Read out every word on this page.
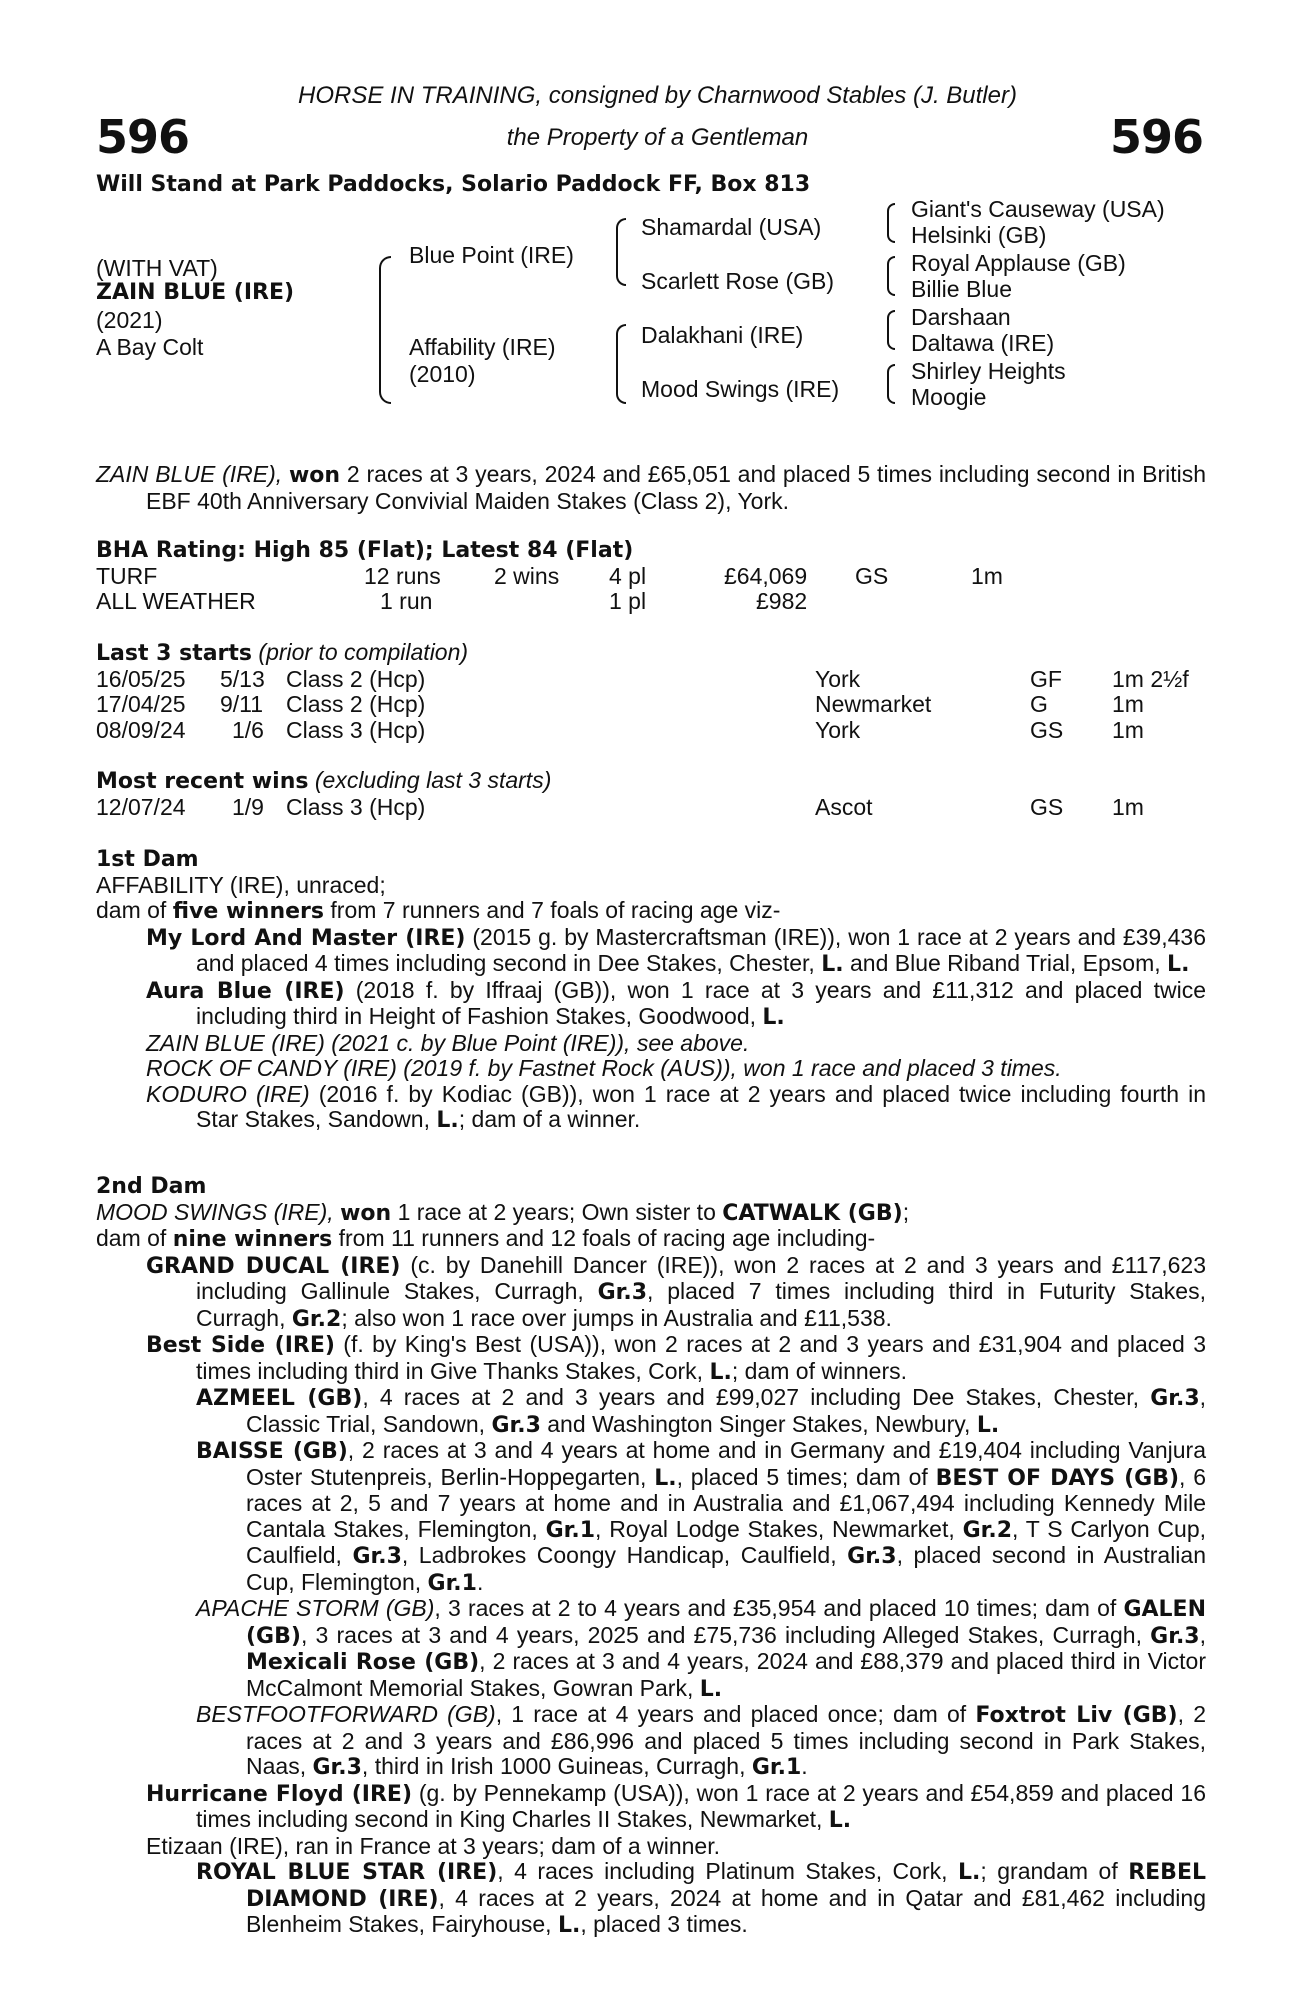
HORSE IN TRAINING, consigned by Charnwood Stables (J. Butler)
the Property of a Gentleman
596	596
Will Stand at Park Paddocks, Solario Paddock FF, Box 813
(WITH VAT)
ZAIN BLUE (IRE)
(2021)
A Bay Colt
Blue Point (IRE)
Affability (IRE)
(2010)
Shamardal (USA)
Scarlett Rose (GB)
Dalakhani (IRE)
Mood Swings (IRE)
Giant's Causeway (USA)
Helsinki (GB)
Royal Applause (GB)
Billie Blue
Darshaan
Daltawa (IRE)
Shirley Heights
Moogie

ZAIN BLUE (IRE), won 2 races at 3 years, 2024 and £65,051 and placed 5 times including second in British EBF 40th Anniversary Convivial Maiden Stakes (Class 2), York.

BHA Rating: High 85 (Flat); Latest 84 (Flat)
TURF	12 runs 2 wins 4 pl	£64,069 GS	1m
ALL WEATHER	1 run	1 pl	£982
Last 3 starts (prior to compilation)
16/05/25 5/13 Class 2 (Hcp)	York	GF 1m 2½f
17/04/25 9/11 Class 2 (Hcp)	Newmarket	G	1m
08/09/24 1/6 Class 3 (Hcp)	York	GS 1m
Most recent wins (excluding last 3 starts)
12/07/24 1/9 Class 3 (Hcp)	Ascot	GS 1m
1st Dam
AFFABILITY (IRE), unraced;
dam of five winners from 7 runners and 7 foals of racing age viz-

My Lord And Master (IRE) (2015 g. by Mastercraftsman (IRE)), won 1 race at 2 years and £39,436 and placed 4 times including second in Dee Stakes, Chester, L. and Blue Riband Trial, Epsom, L.

Aura Blue (IRE) (2018 f. by Iffraaj (GB)), won 1 race at 3 years and £11,312 and placed twice including third in Height of Fashion Stakes, Goodwood, L.

ZAIN BLUE (IRE) (2021 c. by Blue Point (IRE)), see above.

ROCK OF CANDY (IRE) (2019 f. by Fastnet Rock (AUS)), won 1 race and placed 3 times.

KODURO (IRE) (2016 f. by Kodiac (GB)), won 1 race at 2 years and placed twice including fourth in Star Stakes, Sandown, L.; dam of a winner.

2nd Dam
MOOD SWINGS (IRE), won 1 race at 2 years; Own sister to CATWALK (GB);
dam of nine winners from 11 runners and 12 foals of racing age including-

GRAND DUCAL (IRE) (c. by Danehill Dancer (IRE)), won 2 races at 2 and 3 years and £117,623 including Gallinule Stakes, Curragh, Gr.3, placed 7 times including third in Futurity Stakes, Curragh, Gr.2; also won 1 race over jumps in Australia and £11,538.

Best Side (IRE) (f. by King's Best (USA)), won 2 races at 2 and 3 years and £31,904 and placed 3 times including third in Give Thanks Stakes, Cork, L.; dam of winners.

AZMEEL (GB), 4 races at 2 and 3 years and £99,027 including Dee Stakes, Chester, Gr.3, Classic Trial, Sandown, Gr.3 and Washington Singer Stakes, Newbury, L.

BAISSE (GB), 2 races at 3 and 4 years at home and in Germany and £19,404 including Vanjura Oster Stutenpreis, Berlin-Hoppegarten, L., placed 5 times; dam of BEST OF DAYS (GB), 6 races at 2, 5 and 7 years at home and in Australia and £1,067,494 including Kennedy Mile Cantala Stakes, Flemington, Gr.1, Royal Lodge Stakes, Newmarket, Gr.2, T S Carlyon Cup, Caulfield, Gr.3, Ladbrokes Coongy Handicap, Caulfield, Gr.3, placed second in Australian Cup, Flemington, Gr.1.

APACHE STORM (GB), 3 races at 2 to 4 years and £35,954 and placed 10 times; dam of GALEN (GB), 3 races at 3 and 4 years, 2025 and £75,736 including Alleged Stakes, Curragh, Gr.3, Mexicali Rose (GB), 2 races at 3 and 4 years, 2024 and £88,379 and placed third in Victor McCalmont Memorial Stakes, Gowran Park, L.

BESTFOOTFORWARD (GB), 1 race at 4 years and placed once; dam of Foxtrot Liv (GB), 2 races at 2 and 3 years and £86,996 and placed 5 times including second in Park Stakes, Naas, Gr.3, third in Irish 1000 Guineas, Curragh, Gr.1.

Hurricane Floyd (IRE) (g. by Pennekamp (USA)), won 1 race at 2 years and £54,859 and placed 16 times including second in King Charles II Stakes, Newmarket, L.

Etizaan (IRE), ran in France at 3 years; dam of a winner.

ROYAL BLUE STAR (IRE), 4 races including Platinum Stakes, Cork, L.; grandam of REBEL DIAMOND (IRE), 4 races at 2 years, 2024 at home and in Qatar and £81,462 including Blenheim Stakes, Fairyhouse, L., placed 3 times.
